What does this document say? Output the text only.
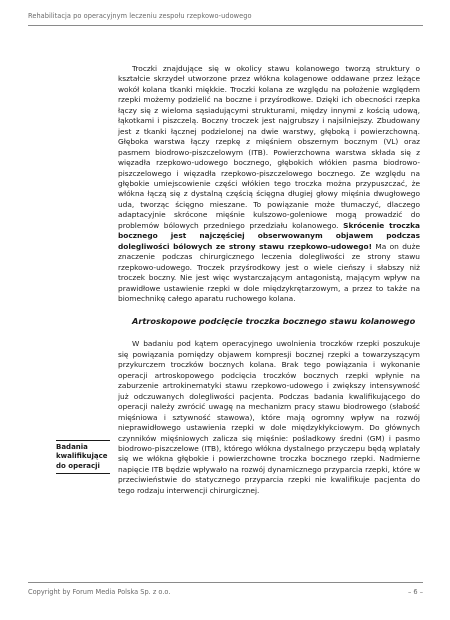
Rehabilitacja po operacyjnym leczeniu zespołu rzepkowo-udowego

Troczki znajdujące się w okolicy stawu kolanowego tworzą struktury o kształcie skrzydeł utworzone przez włókna kolagenowe oddawane przez leżące wokół kolana tkanki miękkie. Troczki kolana ze względu na położenie względem rzepki możemy podzielić na boczne i przyśrodkowe. Dzięki ich obecności rzepka łączy się z wieloma sąsiadującymi strukturami, między innymi z kością udową, łąkotkami i piszczelą. Boczny troczek jest najgrubszy i najsilniejszy. Zbudowany jest z tkanki łącznej podzielonej na dwie warstwy, głęboką i powierzchowną. Głęboka warstwa łączy rzepkę z mięśniem obszernym bocznym (VL) oraz pasmem biodrowo-piszczelowym (ITB). Powierzchowna warstwa składa się z więzadła rzepkowo-udowego bocznego, głębokich włókien pasma biodrowo-piszczelowego i więzadła rzepkowo-piszczelowego bocznego. Ze względu na głębokie umiejscowienie części włókien tego troczka można przypuszczać, że włókna łączą się z dystalną częścią ścięgna długiej głowy mięśnia dwugłowego uda, tworząc ścięgno mieszane. To powiązanie może tłumaczyć, dlaczego adaptacyjnie skrócone mięśnie kulszowo-goleniowe mogą prowadzić do problemów bólowych przedniego przedziału kolanowego. Skrócenie troczka bocznego jest najczęściej obserwowanym objawem podczas dolegliwości bólowych ze strony stawu rzepkowo-udowego! Ma on duże znaczenie podczas chirurgicznego leczenia dolegliwości ze strony stawu rzepkowo-udowego. Troczek przyśrodkowy jest o wiele cieńszy i słabszy niż troczek boczny. Nie jest więc wystarczającym antagonistą, mającym wpływ na prawidłowe ustawienie rzepki w dole międzykrętarzowym, a przez to także na biomechnikę całego aparatu ruchowego kolana.

Artroskopowe podcięcie troczka bocznego stawu kolanowego

W badaniu pod kątem operacyjnego uwolnienia troczków rzepki poszukuje się powiązania pomiędzy objawem kompresji bocznej rzepki a towarzyszącym przykurczem troczków bocznych kolana. Brak tego powiązania i wykonanie operacji artroskopowego podcięcia troczków bocznych rzepki wpłynie na zaburzenie artrokinematyki stawu rzepkowo-udowego i zwiększy intensywność już odczuwanych dolegliwości pacjenta. Podczas badania kwalifikującego do operacji należy zwrócić uwagę na mechanizm pracy stawu biodrowego (słabość mięśniowa i sztywność stawowa), które mają ogromny wpływ na rozwój nieprawidłowego ustawienia rzepki w dole międzykłykciowym. Do głównych czynników mięśniowych zalicza się mięśnie: pośladkowy średni (GM) i pasmo biodrowo-piszczelowe (ITB), którego włókna dystalnego przyczepu będą wplatały się we włókna głębokie i powierzchowne troczka bocznego rzepki. Nadmierne napięcie ITB będzie wpływało na rozwój dynamicznego przyparcia rzepki, które w przeciwieństwie do statycznego przyparcia rzepki nie kwalifikuje pacjenta do tego rodzaju interwencji chirurgicznej.

Badania
kwalifikujące
do operacji
Copyright by Forum Media Polska Sp. z o.o.	– 6 –
